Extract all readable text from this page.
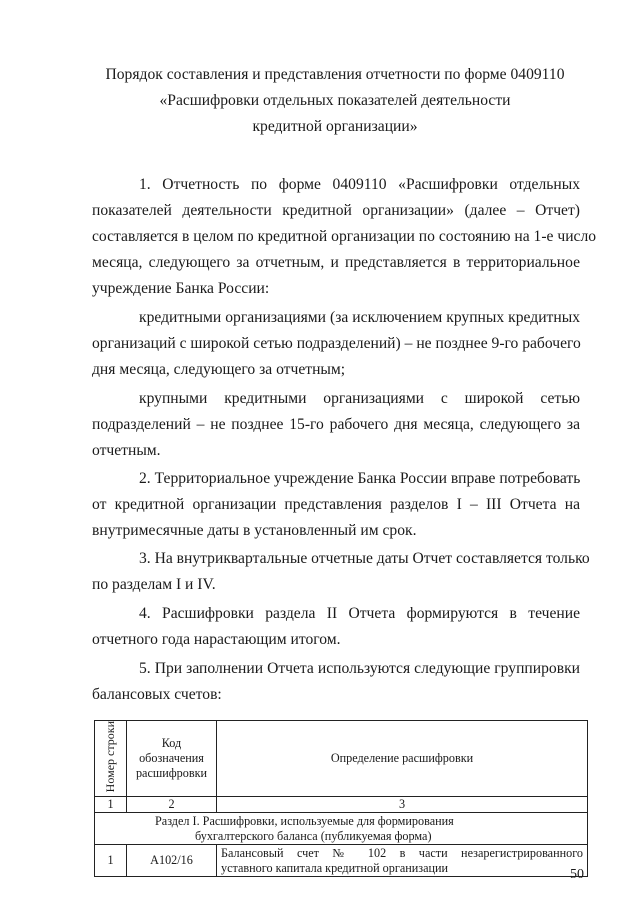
Порядок составления и представления отчетности по форме 0409110
«Расшифровки отдельных показателей деятельности
кредитной организации»
1. Отчетность по форме 0409110 «Расшифровки отдельных
показателей деятельности кредитной организации» (далее – Отчет)
составляется в целом по кредитной организации по состоянию на 1-е число
месяца, следующего за отчетным, и представляется в территориальное
учреждение Банка России:
кредитными организациями (за исключением крупных кредитных
организаций с широкой сетью подразделений) – не позднее 9-го рабочего
дня месяца, следующего за отчетным;
крупными кредитными организациями с широкой сетью
подразделений – не позднее 15-го рабочего дня месяца, следующего за
отчетным.
2. Территориальное учреждение Банка России вправе потребовать
от кредитной организации представления разделов I – III Отчета на
внутримесячные даты в установленный им срок.
3. На внутриквартальные отчетные даты Отчет составляется только
по разделам I и IV.
4. Расшифровки раздела II Отчета формируются в течение
отчетного года нарастающим итогом.
5. При заполнении Отчета используются следующие группировки
балансовых счетов:
Номер строки	Код
обозначения
расшифровки	Определение расшифровки
1	2	3

Раздел I. Расшифровки, используемые для формирования
бухгалтерского баланса (публикуемая форма)		

1	А102/16	Балансовый счет № 102 в части незарегистрированного
уставного капитала кредитной организации	50
